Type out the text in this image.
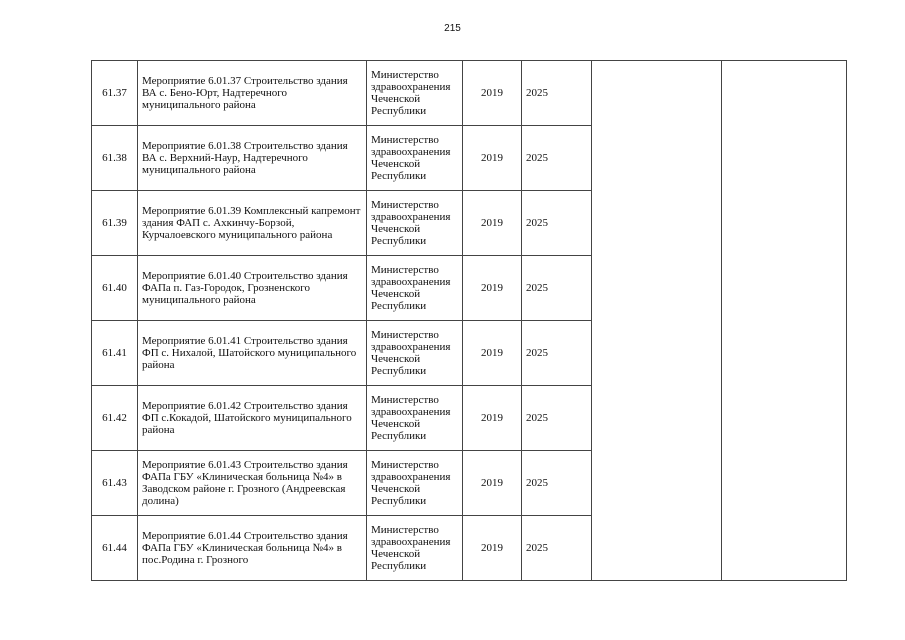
215
61.37	Мероприятие 6.01.37 Строительство здания ВА с. Бено-Юрт, Надтеречного муниципального района	Министерство здравоохранения Чеченской Республики	2019	2025		
61.38	Мероприятие 6.01.38 Строительство здания ВА с. Верхний-Наур, Надтеречного муниципального района	Министерство здравоохранения Чеченской Республики	2019	2025		
61.39	Мероприятие 6.01.39 Комплексный капремонт здания ФАП с. Ахкинчу-Борзой, Курчалоевского муниципального района	Министерство здравоохранения Чеченской Республики	2019	2025		
61.40	Мероприятие 6.01.40 Строительство здания ФАПа п. Газ-Городок, Грозненского муниципального района	Министерство здравоохранения Чеченской Республики	2019	2025		
61.41	Мероприятие 6.01.41 Строительство здания ФП с. Нихалой, Шатойского муниципального района	Министерство здравоохранения Чеченской Республики	2019	2025		
61.42	Мероприятие 6.01.42 Строительство здания ФП с.Кокадой, Шатойского муниципального района	Министерство здравоохранения Чеченской Республики	2019	2025		
61.43	Мероприятие 6.01.43 Строительство здания ФАПа ГБУ «Клиническая больница №4» в Заводском районе г. Грозного (Андреевская долина)	Министерство здравоохранения Чеченской Республики	2019	2025		
61.44	Мероприятие 6.01.44 Строительство здания ФАПа ГБУ «Клиническая больница №4» в пос.Родина г. Грозного	Министерство здравоохранения Чеченской Республики	2019	2025		
